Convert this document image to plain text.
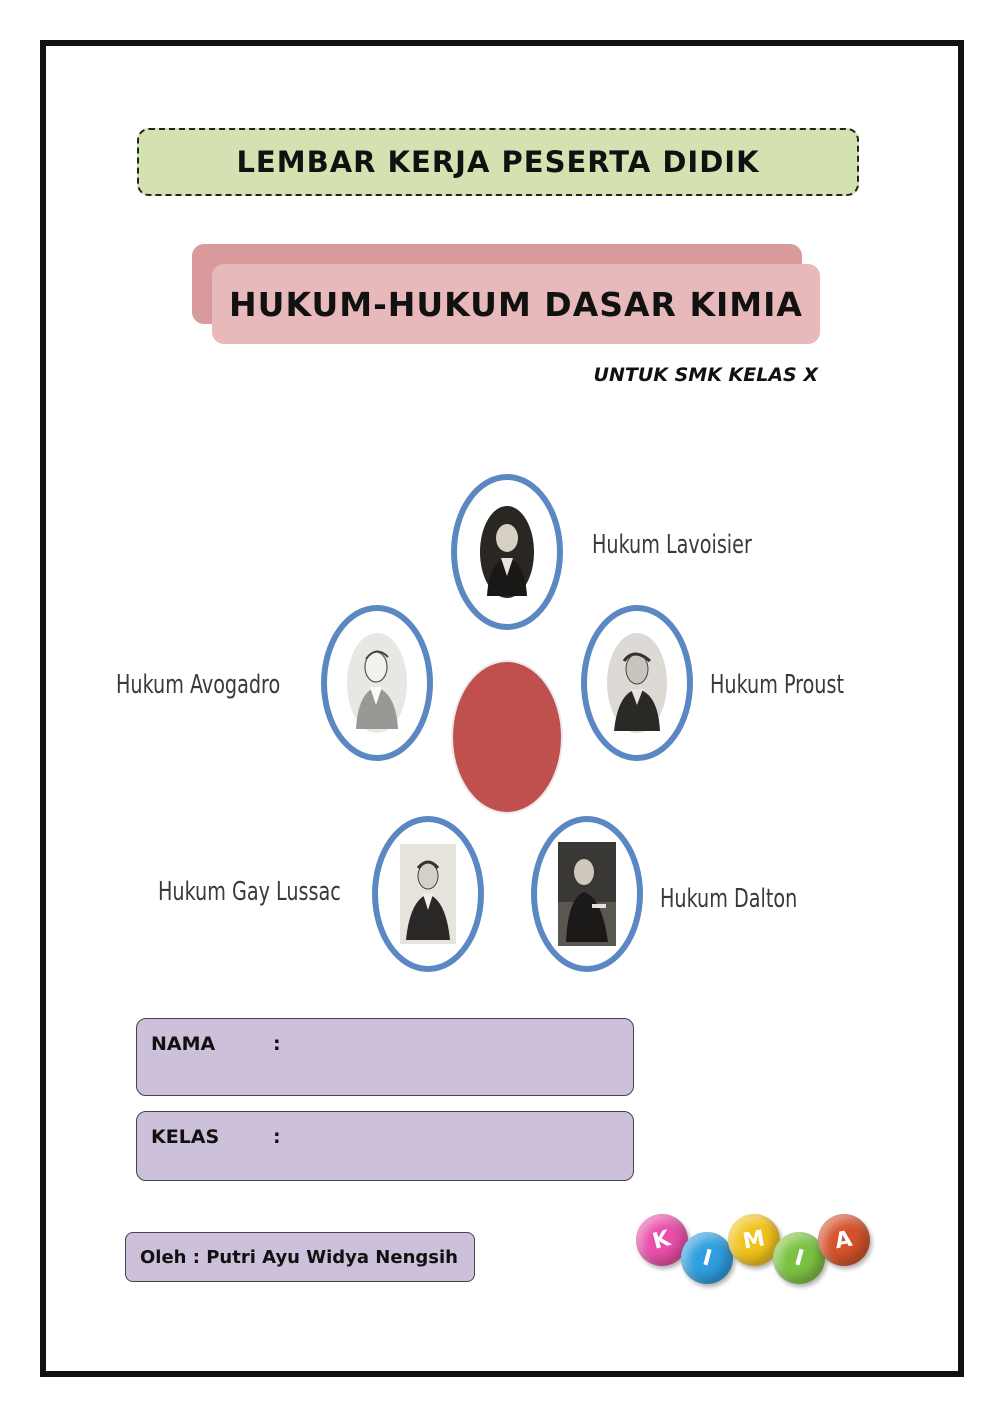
LEMBAR KERJA PESERTA DIDIK
HUKUM-HUKUM DASAR KIMIA
UNTUK SMK KELAS X
Hukum Lavoisier
Hukum Avogadro	Hukum Proust
Hukum Gay Lussac	Hukum Dalton
NAMA	:
KELAS	:
Oleh : Putri Ayu Widya Nengsih
K
I
M
I
A
